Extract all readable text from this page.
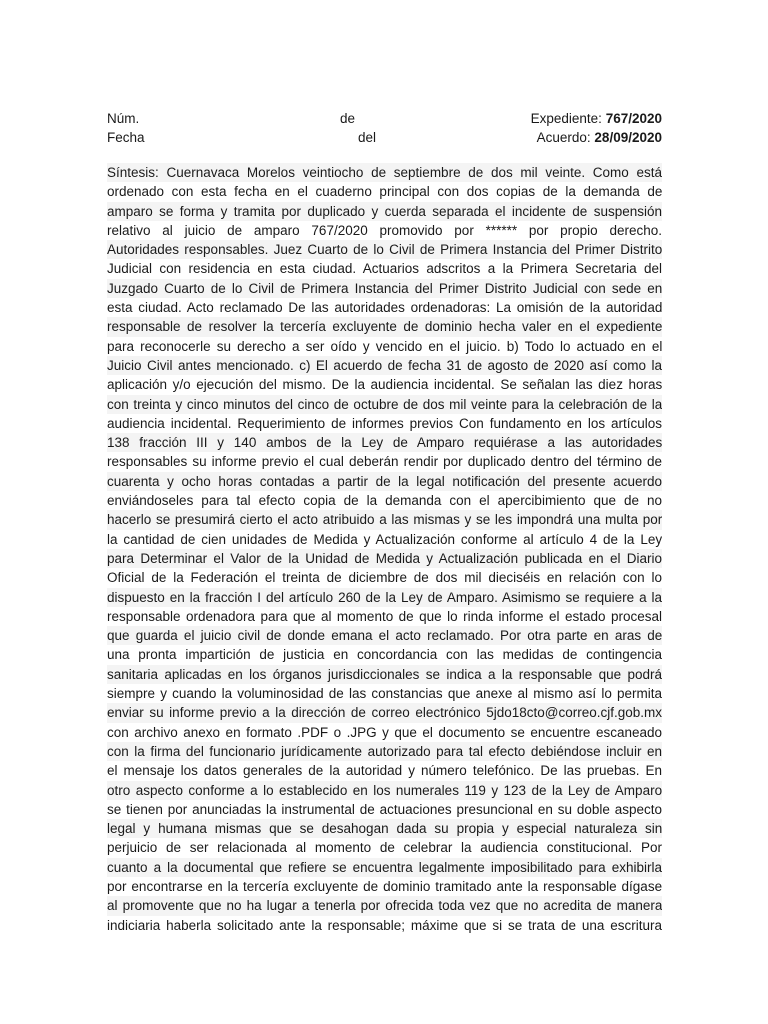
Núm.	de	Expediente: 767/2020
Fecha	del	Acuerdo: 28/09/2020
Síntesis: Cuernavaca Morelos veintiocho de septiembre de dos mil veinte. Como está
ordenado con esta fecha en el cuaderno principal con dos copias de la demanda de
amparo se forma y tramita por duplicado y cuerda separada el incidente de suspensión
relativo al juicio de amparo 767/2020 promovido por ****** por propio derecho.
Autoridades responsables. Juez Cuarto de lo Civil de Primera Instancia del Primer Distrito
Judicial con residencia en esta ciudad. Actuarios adscritos a la Primera Secretaria del
Juzgado Cuarto de lo Civil de Primera Instancia del Primer Distrito Judicial con sede en
esta ciudad. Acto reclamado De las autoridades ordenadoras: La omisión de la autoridad
responsable de resolver la tercería excluyente de dominio hecha valer en el expediente
para reconocerle su derecho a ser oído y vencido en el juicio. b) Todo lo actuado en el
Juicio Civil antes mencionado. c) El acuerdo de fecha 31 de agosto de 2020 así como la
aplicación y/o ejecución del mismo. De la audiencia incidental. Se señalan las diez horas
con treinta y cinco minutos del cinco de octubre de dos mil veinte para la celebración de la
audiencia incidental. Requerimiento de informes previos Con fundamento en los artículos
138 fracción III y 140 ambos de la Ley de Amparo requiérase a las autoridades
responsables su informe previo el cual deberán rendir por duplicado dentro del término de
cuarenta y ocho horas contadas a partir de la legal notificación del presente acuerdo
enviándoseles para tal efecto copia de la demanda con el apercibimiento que de no
hacerlo se presumirá cierto el acto atribuido a las mismas y se les impondrá una multa por
la cantidad de cien unidades de Medida y Actualización conforme al artículo 4 de la Ley
para Determinar el Valor de la Unidad de Medida y Actualización publicada en el Diario
Oficial de la Federación el treinta de diciembre de dos mil dieciséis en relación con lo
dispuesto en la fracción I del artículo 260 de la Ley de Amparo. Asimismo se requiere a la
responsable ordenadora para que al momento de que lo rinda informe el estado procesal
que guarda el juicio civil de donde emana el acto reclamado. Por otra parte en aras de
una pronta impartición de justicia en concordancia con las medidas de contingencia
sanitaria aplicadas en los órganos jurisdiccionales se indica a la responsable que podrá
siempre y cuando la voluminosidad de las constancias que anexe al mismo así lo permita
enviar su informe previo a la dirección de correo electrónico 5jdo18cto@correo.cjf.gob.mx
con archivo anexo en formato .PDF o .JPG y que el documento se encuentre escaneado
con la firma del funcionario jurídicamente autorizado para tal efecto debiéndose incluir en
el mensaje los datos generales de la autoridad y número telefónico. De las pruebas. En
otro aspecto conforme a lo establecido en los numerales 119 y 123 de la Ley de Amparo
se tienen por anunciadas la instrumental de actuaciones presuncional en su doble aspecto
legal y humana mismas que se desahogan dada su propia y especial naturaleza sin
perjuicio de ser relacionada al momento de celebrar la audiencia constitucional. Por
cuanto a la documental que refiere se encuentra legalmente imposibilitado para exhibirla
por encontrarse en la tercería excluyente de dominio tramitado ante la responsable dígase
al promovente que no ha lugar a tenerla por ofrecida toda vez que no acredita de manera
indiciaria haberla solicitado ante la responsable; máxime que si se trata de una escritura
